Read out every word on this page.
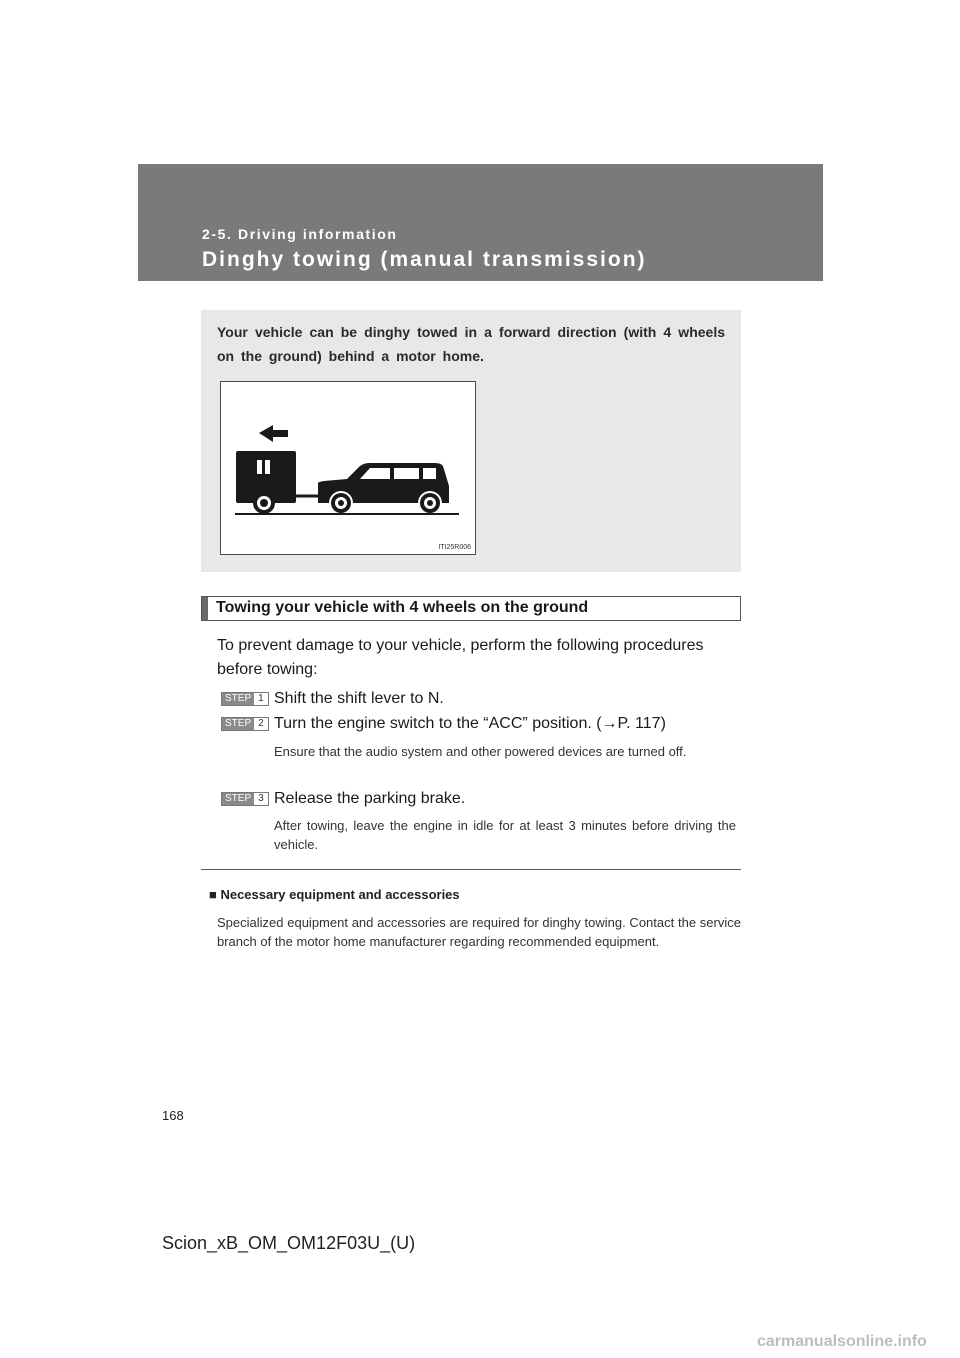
2-5. Driving information
Dinghy towing (manual transmission)
Your vehicle can be dinghy towed in a forward direction (with 4 wheels on the ground) behind a motor home.
ITI25R006
Towing your vehicle with 4 wheels on the ground
To prevent damage to your vehicle, perform the following procedures before towing:
STEP 1 Shift the shift lever to N.
STEP 2 Turn the engine switch to the “ACC” position. (→P. 117)
Ensure that the audio system and other powered devices are turned off.
STEP 3 Release the parking brake.
After towing, leave the engine in idle for at least 3 minutes before driving the vehicle.
■ Necessary equipment and accessories
Specialized equipment and accessories are required for dinghy towing. Contact the service branch of the motor home manufacturer regarding recommended equipment.
168
Scion_xB_OM_OM12F03U_(U)
carmanualsonline.info
